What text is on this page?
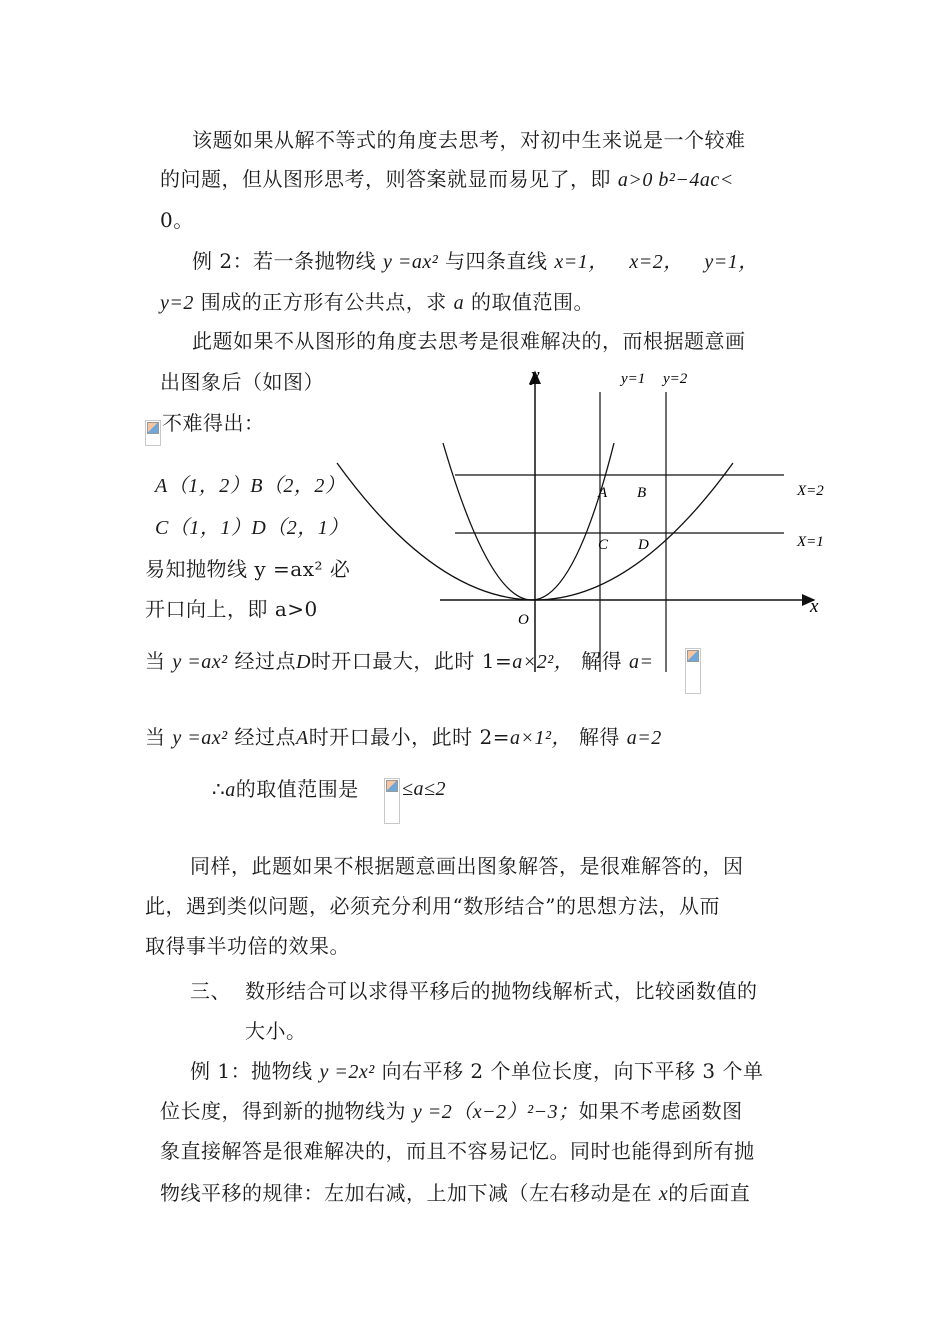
该题如果从解不等式的角度去思考，对初中生来说是一个较难
的问题，但从图形思考，则答案就显而易见了，即 a>0 b²−4ac<
0。
例 2：若一条抛物线 y =ax² 与四条直线 x=1， x=2， y=1，
y=2 围成的正方形有公共点，求 a 的取值范围。
此题如果不从图形的角度去思考是很难解决的，而根据题意画
出图象后（如图）
不难得出：
A（1，2）B（2，2）
C（1，1）D（2，1）
易知抛物线 y =ax² 必
开口向上，即 a>0
y
x
O
y=1 y=2
X=2
X=1
A B
C D
当 y =ax² 经过点D时开口最大，此时 1=a×2²， 解得 a=
当 y =ax² 经过点A时开口最小，此时 2=a×1²， 解得 a=2
∴a的取值范围是 ≤a≤2
同样，此题如果不根据题意画出图象解答，是很难解答的，因
此，遇到类似问题，必须充分利用“数形结合”的思想方法，从而
取得事半功倍的效果。
三、 数形结合可以求得平移后的抛物线解析式，比较函数值的
大小。
例 1：抛物线 y =2x² 向右平移 2 个单位长度，向下平移 3 个单
位长度，得到新的抛物线为 y =2（x−2）²−3；如果不考虑函数图
象直接解答是很难解决的，而且不容易记忆。同时也能得到所有抛
物线平移的规律：左加右减，上加下减（左右移动是在 x的后面直
